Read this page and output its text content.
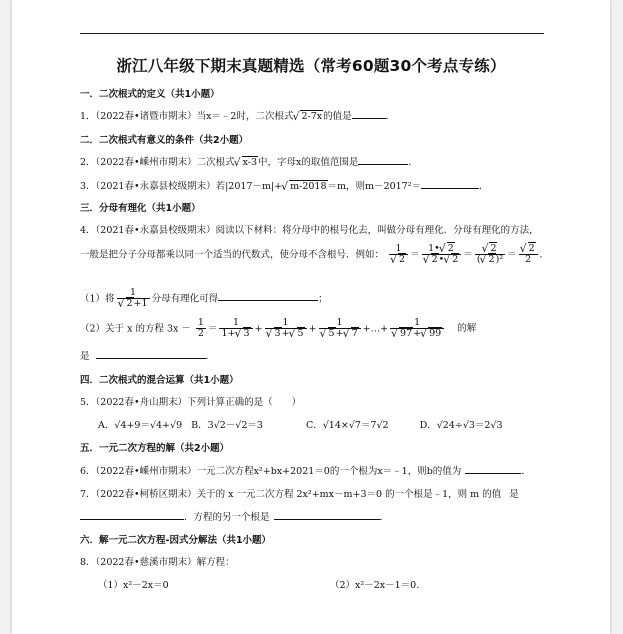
浙江八年级下期末真题精选（常考60题30个考点专练）
一．二次根式的定义（共1小题）
1．（2022春•诸暨市期末）当x＝﹣2时，二次根式 √ 2-7x的值是	．
二．二次根式有意义的条件（共2小题）
2．（2022春•嵊州市期末）二次根式 √ x-3中，字母x的取值范围是	．
3．（2021春•永嘉县校级期末）若|2017－m|+ √ m-2018＝m，则m－2017²＝	．
三．分母有理化（共1小题）
4．（2021春•永嘉县校级期末）阅读以下材料：将分母中的根号化去，叫做分母有理化．分母有理化的方法，
一般是把分子分母都乘以同一个适当的代数式，使分母不含根号．例如： 1
√ 2 ＝ 1• √ 2
√ 2• √ 2 ＝ √ $\frac{2}{\text{( √ 2)²}}$ ＝ √ $\frac{2}{2}$ ．
（1）将 1
√ 2+1 分母有理化可得	；
（2）关于 x 的方程 $3x - \frac{1}{2} = \frac{1}{1+ √ 3} + 1$
√ 3+ √ 5 + 1
√ 5+ √ 7 +…+ 1
√ 97+ √ 99 的解
是	．
四．二次根式的混合运算（共1小题）
5．（2022春•舟山期末）下列计算正确的是（　　）
A．√4+9＝√4+√9 B．3√2－√2＝3	C．√14×√7＝7√2	D．√24÷√3＝2√3
五．一元二次方程的解（共2小题）
6．（2022春•嵊州市期末）一元二次方程x²+bx+2021＝0的一个根为x＝﹣1，则b的值为	．
7．（2022春•柯桥区期末）关于的 x 一元二次方程 2x²+mx－m+3＝0 的一个根是﹣1，则 m 的值 是
．方程的另一个根是	．
六．解一元二次方程-因式分解法（共1小题）
8．（2022春•慈溪市期末）解方程：
（1）x²－2x＝0	（2）x²－2x－1＝0.
